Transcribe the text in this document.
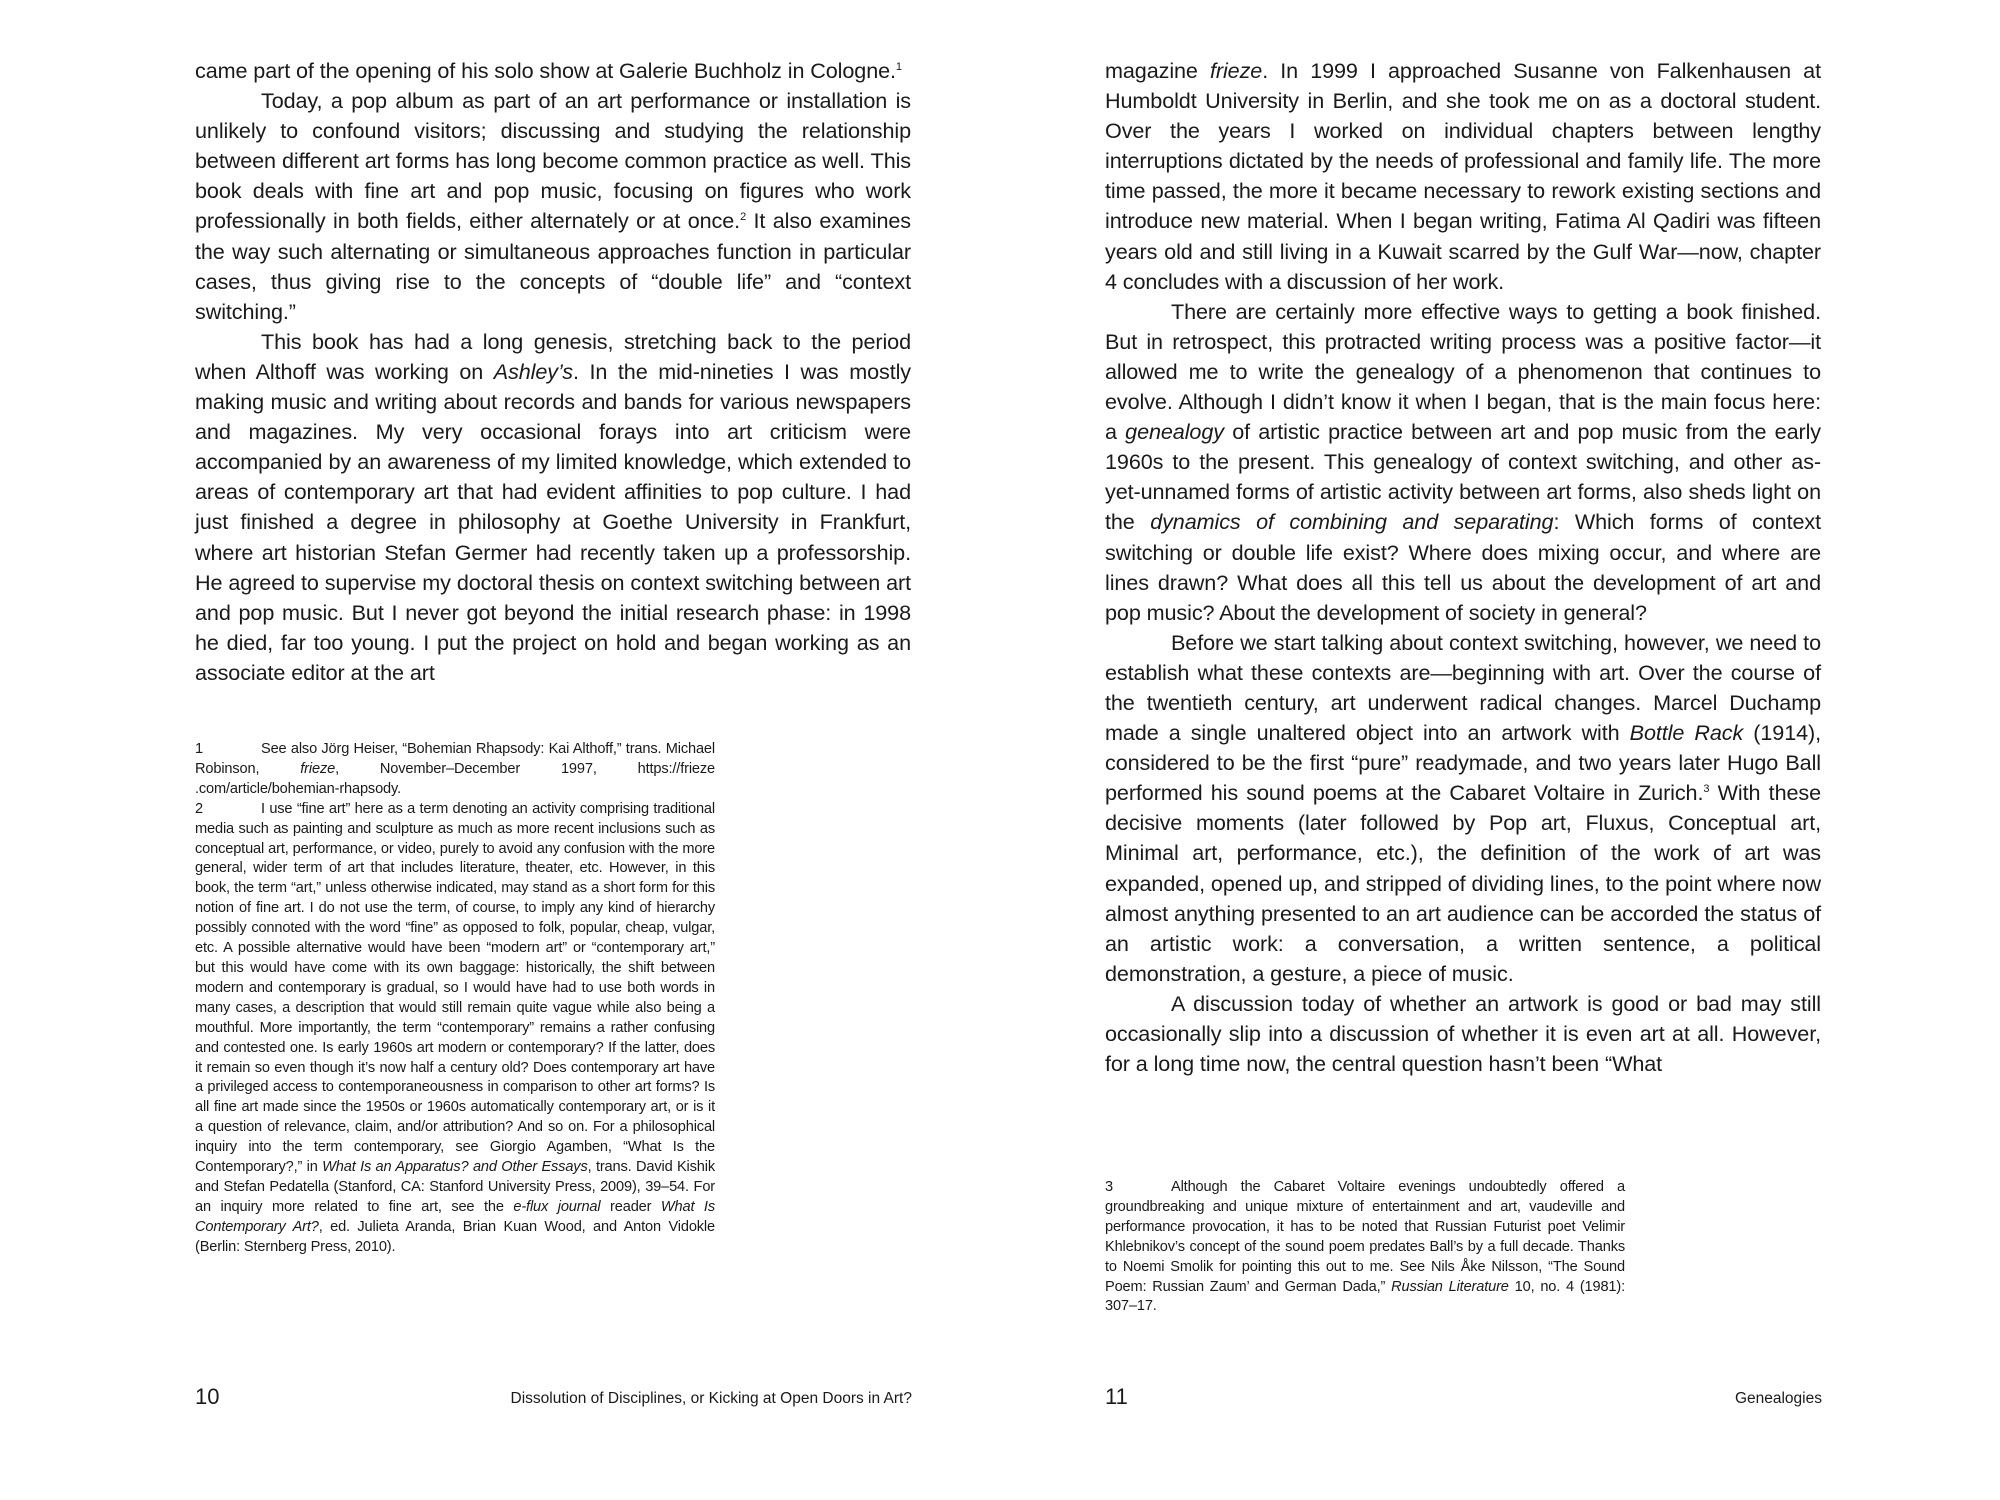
came part of the opening of his solo show at Galerie Buchholz in Cologne.$^1$

Today, a pop album as part of an art performance or installation is unlikely to confound visitors; discussing and studying the relationship between different art forms has long become common practice as well. This book deals with fine art and pop music, focusing on figures who work professionally in both fields, either alternately or at once.$^2$ It also examines the way such alternating or simultaneous approaches function in particular cases, thus giving rise to the concepts of “double life” and “context switching.”

This book has had a long genesis, stretching back to the period when Althoff was working on Ashley’s. In the mid-nineties I was mostly making music and writing about records and bands for various newspapers and magazines. My very occasional forays into art criticism were accompanied by an awareness of my limited knowledge, which extended to areas of contemporary art that had evident affinities to pop culture. I had just finished a degree in philosophy at Goethe University in Frankfurt, where art historian Stefan Germer had recently taken up a professorship. He agreed to supervise my doctoral thesis on context switching between art and pop music. But I never got beyond the initial research phase: in 1998 he died, far too young. I put the project on hold and began working as an associate editor at the art

1	See also Jörg Heiser, “Bohemian Rhapsody: Kai Althoff,” trans. Michael Robinson, frieze, November–December 1997, https://frieze .com/article/bohemian-rhapsody.

2	I use “fine art” here as a term denoting an activity comprising traditional media such as painting and sculpture as much as more recent inclusions such as conceptual art, performance, or video, purely to avoid any confusion with the more general, wider term of art that includes literature, theater, etc. However, in this book, the term “art,” unless otherwise indicated, may stand as a short form for this notion of fine art. I do not use the term, of course, to imply any kind of hierarchy possibly connoted with the word “fine” as opposed to folk, popular, cheap, vulgar, etc. A possible alternative would have been “modern art” or “contemporary art,” but this would have come with its own baggage: historically, the shift between modern and contemporary is gradual, so I would have had to use both words in many cases, a description that would still remain quite vague while also being a mouthful. More importantly, the term “contemporary” remains a rather confusing and contested one. Is early 1960s art modern or contemporary? If the latter, does it remain so even though it’s now half a century old? Does contemporary art have a privileged access to contemporaneousness in comparison to other art forms? Is all fine art made since the 1950s or 1960s automatically contemporary art, or is it a question of relevance, claim, and/or attribution? And so on. For a philosophical inquiry into the term contemporary, see Giorgio Agamben, “What Is the Contemporary?,” in What Is an Apparatus? and Other Essays, trans. David Kishik and Stefan Pedatella (Stanford, CA: Stanford University Press, 2009), 39–54. For an inquiry more related to fine art, see the e-flux journal reader What Is Contemporary Art?, ed. Julieta Aranda, Brian Kuan Wood, and Anton Vidokle (Berlin: Sternberg Press, 2010).

10	Dissolution of Disciplines, or Kicking at Open Doors in Art?

magazine frieze. In 1999 I approached Susanne von Falkenhausen at Humboldt University in Berlin, and she took me on as a doctoral student. Over the years I worked on individual chapters between lengthy interruptions dictated by the needs of professional and family life. The more time passed, the more it became necessary to rework existing sections and introduce new material. When I began writing, Fatima Al Qadiri was fifteen years old and still living in a Kuwait scarred by the Gulf War—now, chapter 4 concludes with a discussion of her work.

There are certainly more effective ways to getting a book finished. But in retrospect, this protracted writing process was a positive factor—it allowed me to write the genealogy of a phenomenon that continues to evolve. Although I didn’t know it when I began, that is the main focus here: a genealogy of artistic practice between art and pop music from the early 1960s to the present. This genealogy of context switching, and other as-yet-unnamed forms of artistic activity between art forms, also sheds light on the dynamics of combining and separating: Which forms of context switching or double life exist? Where does mixing occur, and where are lines drawn? What does all this tell us about the development of art and pop music? About the development of society in general?

Before we start talking about context switching, however, we need to establish what these contexts are—beginning with art. Over the course of the twentieth century, art underwent radical changes. Marcel Duchamp made a single unaltered object into an artwork with Bottle Rack (1914), considered to be the first “pure” readymade, and two years later Hugo Ball performed his sound poems at the Cabaret Voltaire in Zurich.$^3$ With these decisive moments (later followed by Pop art, Fluxus, Conceptual art, Minimal art, performance, etc.), the definition of the work of art was expanded, opened up, and stripped of dividing lines, to the point where now almost anything presented to an art audience can be accorded the status of an artistic work: a conversation, a written sentence, a political demonstration, a gesture, a piece of music.

A discussion today of whether an artwork is good or bad may still occasionally slip into a discussion of whether it is even art at all. However, for a long time now, the central question hasn’t been “What

3	Although the Cabaret Voltaire evenings undoubtedly offered a groundbreaking and unique mixture of entertainment and art, vaudeville and performance provocation, it has to be noted that Russian Futurist poet Velimir Khlebnikov’s concept of the sound poem predates Ball’s by a full decade. Thanks to Noemi Smolik for pointing this out to me. See Nils Åke Nilsson, “The Sound Poem: Russian Zaum’ and German Dada,” Russian Literature 10, no. 4 (1981): 307–17.

11	Genealogies
